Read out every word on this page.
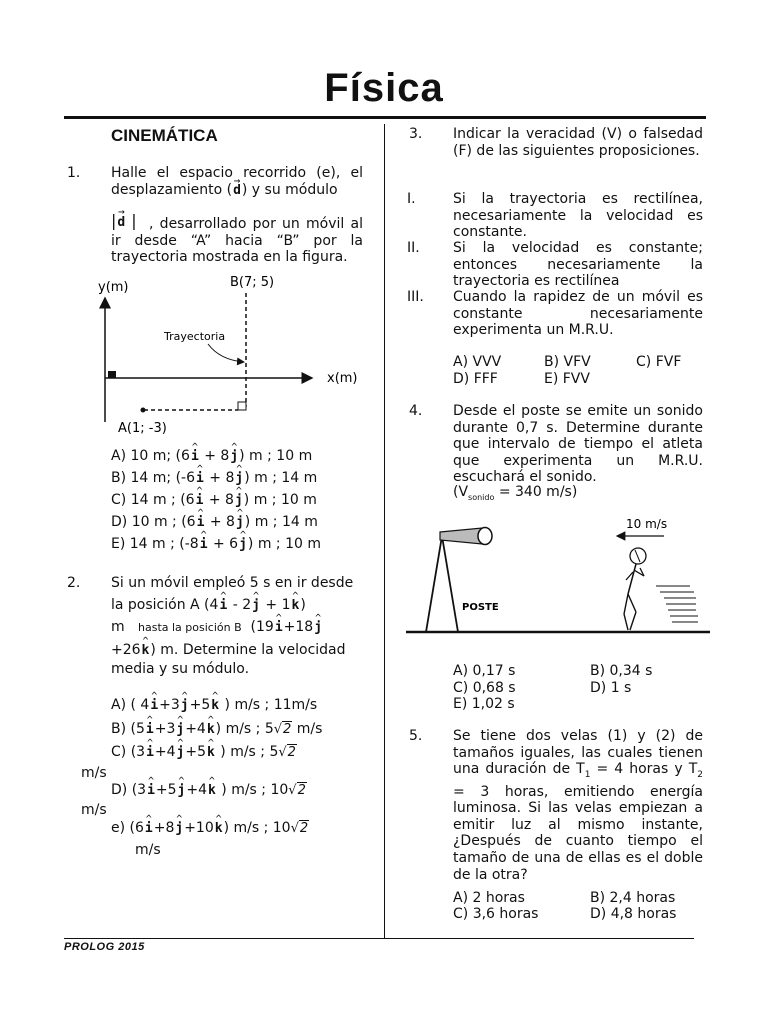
Física
CINEMÁTICA
1. Halle el espacio recorrido (e), el desplazamiento (→ d) y su módulo
, desarrollado por un móvil al ir desde “A” hacia “B” por la trayectoria mostrada en la figura.
|→ d |
y(m)
x(m)
B(7; 5)
A(1; -3)
Trayectoria
A) 10 m; (6^ i + 8^ j) m ; 10 m
B) 14 m; (-6^ i + 8^ j) m ; 14 m
C) 14 m ; (6^ i + 8^ j) m ; 10 m
D) 10 m ; (6^ i + 8^ j) m ; 14 m
E) 14 m ; (-8^ i + 6^ j) m ; 10 m
2. Si un móvil empleó 5 s en ir desde
la posición A (4^ i - 2^ j + 1^ k)
m hasta la posición B (19^ i+18^ j
+26^ k) m. Determine la velocidad
media y su módulo.
A) ( 4^ i+3^ j+5^ k ) m/s ; 11m/s
B) (5^ i+3^ j+4^ k) m/s ; 5√2 m/s
C) (3^ i+4^ j+5^ k ) m/s ; 5√2
m/s
D) (3^ i+5^ j+4^ k ) m/s ; 10√2
m/s
e) (6^ i+8^ j+10^ k) m/s ; 10√2
m/s
3. Indicar la veracidad (V) o falsedad (F) de las siguientes proposiciones.
I.	Si la trayectoria es rectilínea, necesariamente la velocidad es constante.
II. Si la velocidad es constante; entonces necesariamente la trayectoria es rectilínea
III. Cuando la rapidez de un móvil es constante necesariamente experimenta un M.R.U.
A) VVV	B) VFV	C) FVF
D) FFF	E) FVV
4. Desde el poste se emite un sonido durante 0,7 s. Determine durante que intervalo de tiempo el atleta que experimenta un M.R.U. escuchará el sonido.
($V_{sonido} = 340$ m/s)
POSTE
10 m/s
A) 0,17 s	B) 0,34 s
C) 0,68 s	D) 1 s
E) 1,02 s
5. Se tiene dos velas (1) y (2) de tamaños iguales, las cuales tienen una duración de $T_1 = 4$ horas y $T_2 = 3$ horas, emitiendo energía luminosa. Si las velas empiezan a emitir luz al mismo instante, ¿Después de cuanto tiempo el tamaño de una de ellas es el doble de la otra?
A) 2 horas	B) 2,4 horas
C) 3,6 horas	D) 4,8 horas
PROLOG 2015
